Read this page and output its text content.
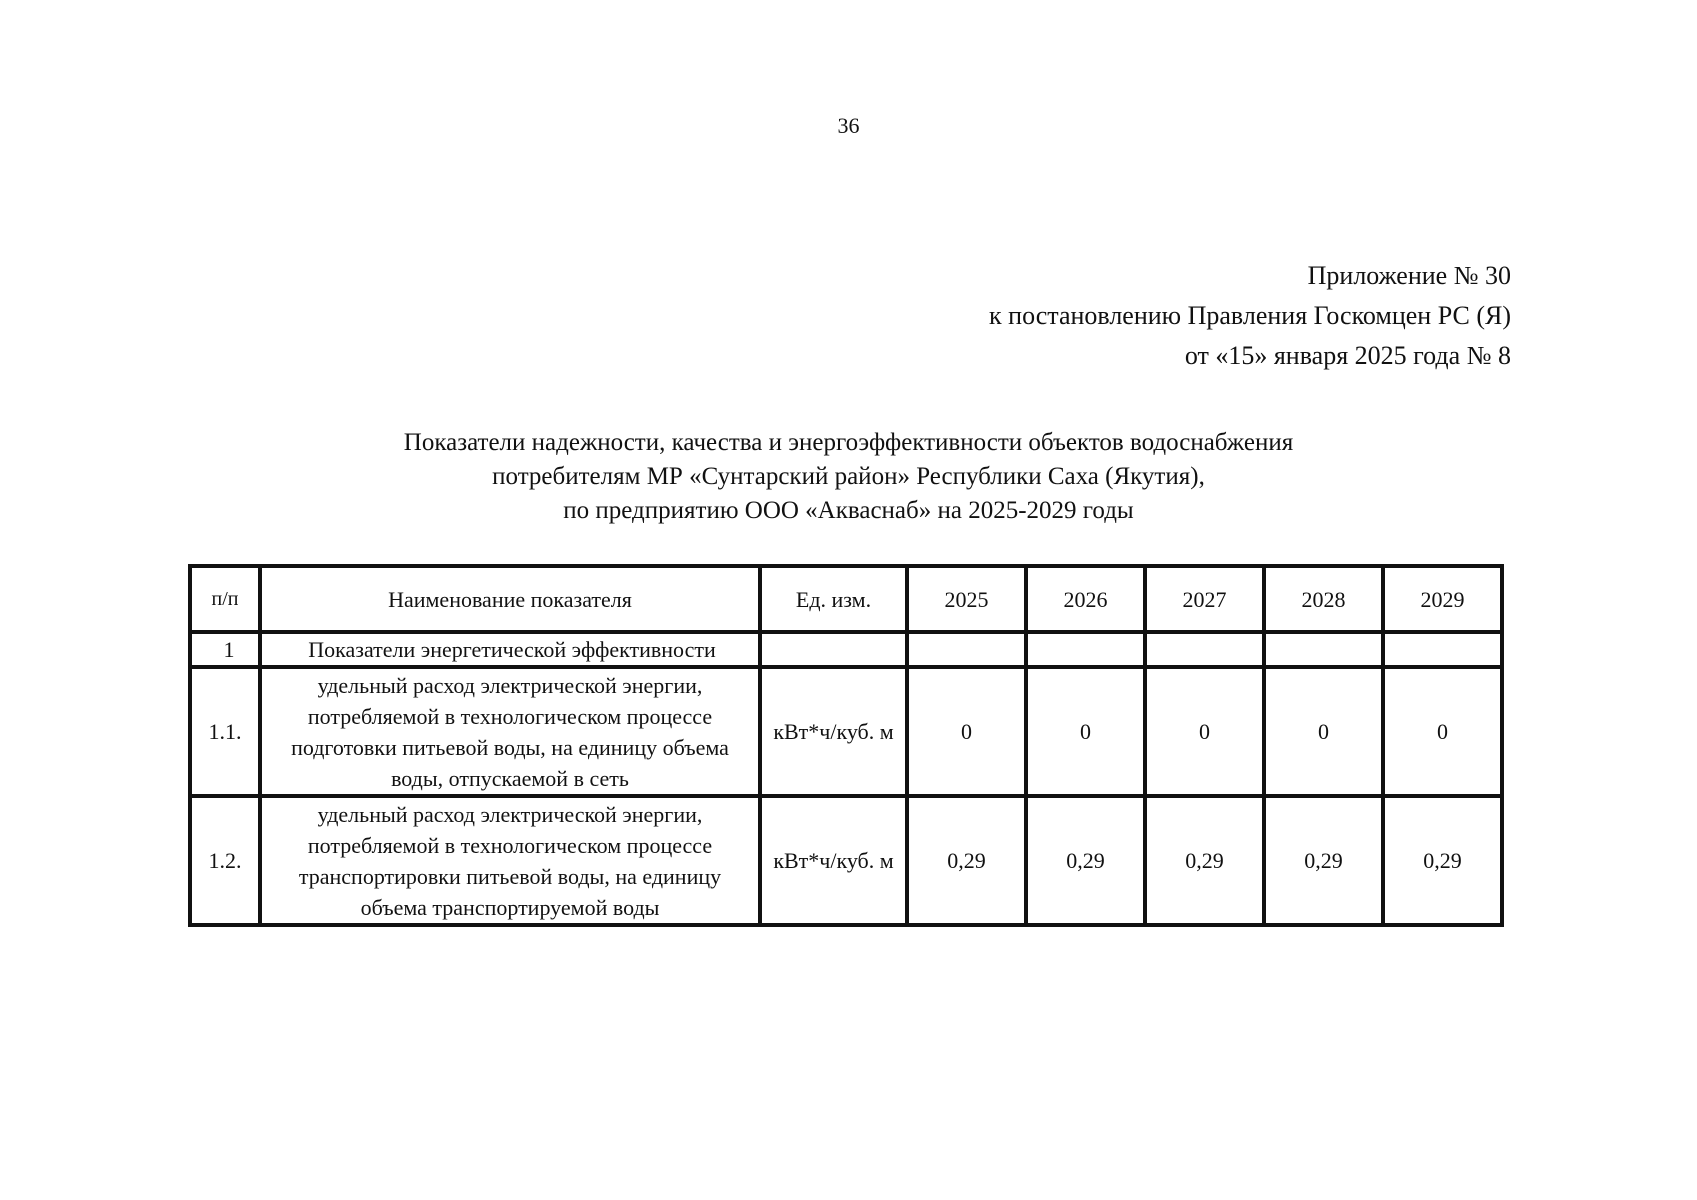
36
Приложение № 30
к постановлению Правления Госкомцен РС (Я)
от «15» января 2025 года № 8
Показатели надежности, качества и энергоэффективности объектов водоснабжения
потребителям МР «Сунтарский район» Республики Саха (Якутия),
по предприятию ООО «Акваснаб» на 2025-2029 годы
п/п	Наименование показателя	Ед. изм.	2025	2026	2027	2028	2029
1	Показатели энергетической эффективности						
1.1.	удельный расход электрической энергии,
потребляемой в технологическом процессе
подготовки питьевой воды, на единицу объема
воды, отпускаемой в сеть	кВт*ч/куб. м	0	0	0	0	0
1.2.	удельный расход электрической энергии,
потребляемой в технологическом процессе
транспортировки питьевой воды, на единицу
объема транспортируемой воды	кВт*ч/куб. м	0,29	0,29	0,29	0,29	0,29
